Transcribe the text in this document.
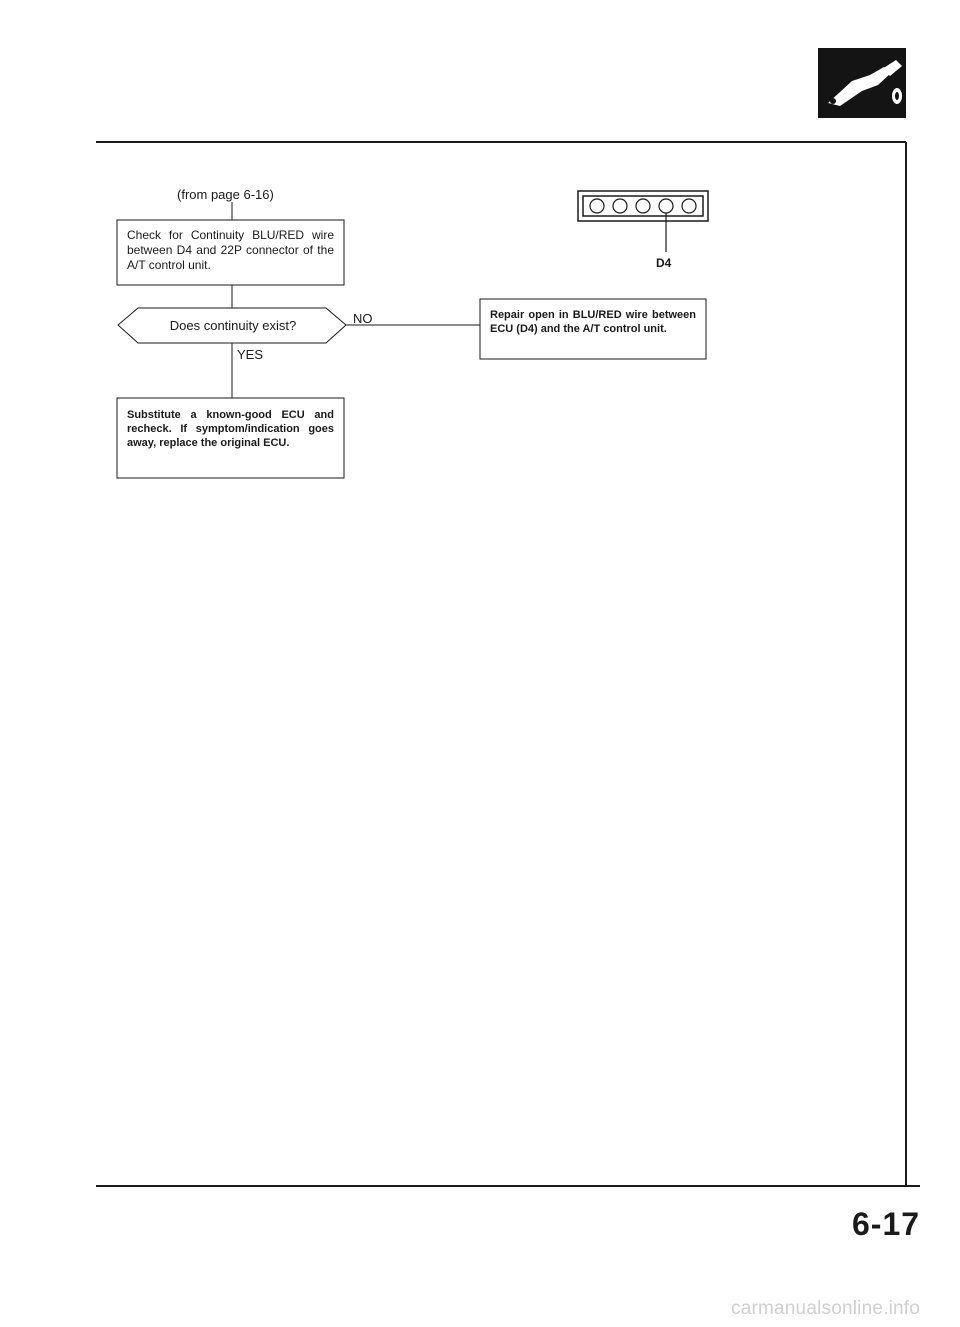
(from page 6-16)
Check for Continuity BLU/RED wire between D4 and 22P connector of the A/T control unit.
Does continuity exist?	NO
YES
Repair open in BLU/RED wire between ECU (D4) and the A/T control unit.
Substitute a known-good ECU and recheck. If symptom/indication goes away, replace the original ECU.
D4
6-17
carmanualsonline.info
